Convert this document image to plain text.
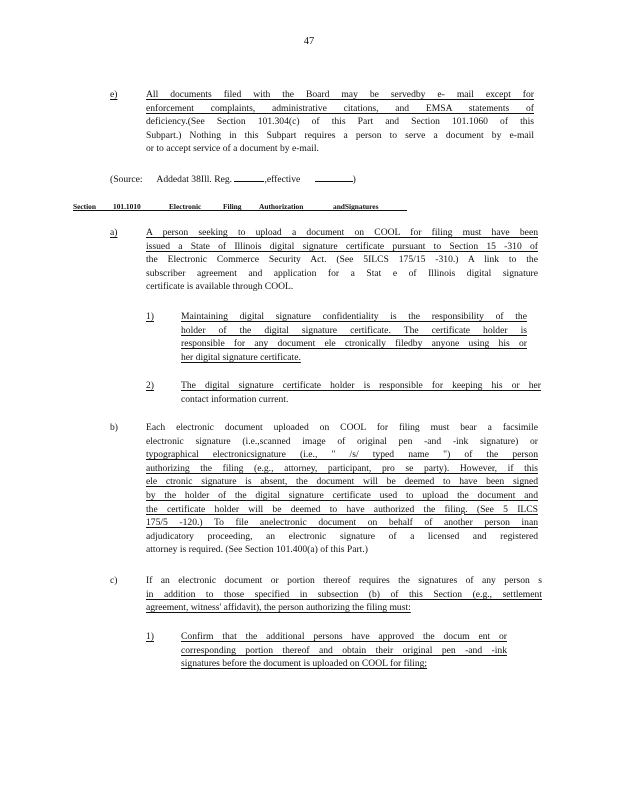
47
e)	All documents filed with the Board may be servedby e- mail except for
enforcement complaints, administrative citations, and EMSA statements of
deficiency.(See Section 101.304(c) of this Part and Section 101.1060 of this
Subpart.) Nothing in this Subpart requires a person to serve a document by e-mail
or to accept service of a document by e-mail.
(Source: Addedat 38Ill. Reg.	,effective	)
Section 101.1010	Electronic	Filing Authorization	andSignatures
a)	A person seeking to upload a document on COOL for filing must have been
issued a State of Illinois digital signature certificate pursuant to Section 15 -310 of
the Electronic Commerce Security Act. (See 5ILCS 175/15 -310.) A link to the
subscriber agreement and application for a Stat e of Illinois digital signature
certificate is available through COOL.
1)	Maintaining digital signature confidentiality is the responsibility of the
holder of the digital signature certificate. The certificate holder is
responsible for any document ele ctronically filedby anyone using his or
her digital signature certificate.
2)	The digital signature certificate holder is responsible for keeping his or her
contact information current.
b)	Each electronic document uploaded on COOL for filing must bear a facsimile
electronic signature (i.e.,scanned image of original pen -and -ink signature) or
typographical electronicsignature (i.e., " /s/ typed name ") of the person
authorizing the filing (e.g., attorney, participant, pro se party). However, if this
ele ctronic signature is absent, the document will be deemed to have been signed
by the holder of the digital signature certificate used to upload the document and
the certificate holder will be deemed to have authorized the filing. (See 5 ILCS
175/5 -120.) To file anelectronic document on behalf of another person inan
adjudicatory proceeding, an electronic signature of a licensed and registered
attorney is required. (See Section 101.400(a) of this Part.)
c)	If an electronic document or portion thereof requires the signatures of any person s
in addition to those specified in subsection (b) of this Section (e.g., settlement
agreement, witness' affidavit), the person authorizing the filing must:
1)	Confirm that the additional persons have approved the docum ent or
corresponding portion thereof and obtain their original pen -and -ink
signatures before the document is uploaded on COOL for filing;
